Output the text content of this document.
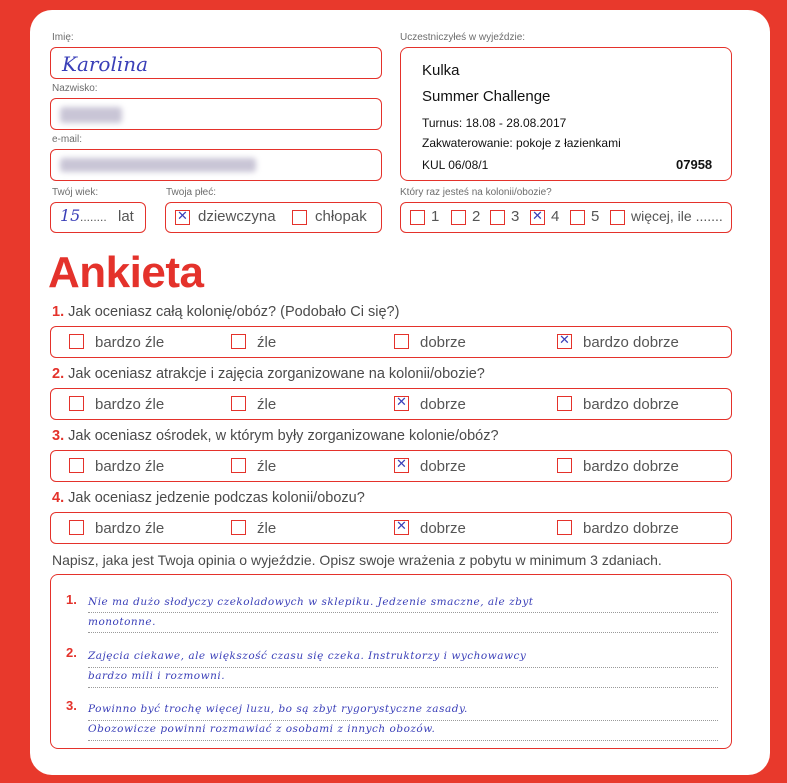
Imię:
Karolina
Nazwisko:
e-mail:
Twój wiek:
15 ........ lat
Twoja płeć:
✕
dziewczyna	chłopak
Uczestniczyłeś w wyjeździe:
Kulka
Summer Challenge
Turnus: 18.08 - 28.08.2017
Zakwaterowanie: pokoje z łazienkami
KUL 06/08/1	07958
Który raz jesteś na kolonii/obozie?
1 2 3 ✕ 4 5 więcej, ile .......
Ankieta
1. Jak oceniasz całą kolonię/obóz? (Podobało Ci się?)
bardzo źle	źle	dobrze ✕	bardzo dobrze
2. Jak oceniasz atrakcje i zajęcia zorganizowane na kolonii/obozie?
bardzo źle	źle ✕	dobrze	bardzo dobrze
3. Jak oceniasz ośrodek, w którym były zorganizowane kolonie/obóz?
bardzo źle	źle ✕	dobrze	bardzo dobrze
4. Jak oceniasz jedzenie podczas kolonii/obozu?
bardzo źle	źle ✕	dobrze	bardzo dobrze
Napisz, jaka jest Twoja opinia o wyjeździe. Opisz swoje wrażenia z pobytu w minimum 3 zdaniach.
1. Nie ma dużo słodyczy czekoladowych w sklepiku. Jedzenie smaczne, ale zbyt
monotonne.
2. Zajęcia ciekawe, ale większość czasu się czeka. Instruktorzy i wychowawcy
bardzo mili i rozmowni.
3. Powinno być trochę więcej luzu, bo są zbyt rygorystyczne zasady.
Obozowicze powinni rozmawiać z osobami z innych obozów.
